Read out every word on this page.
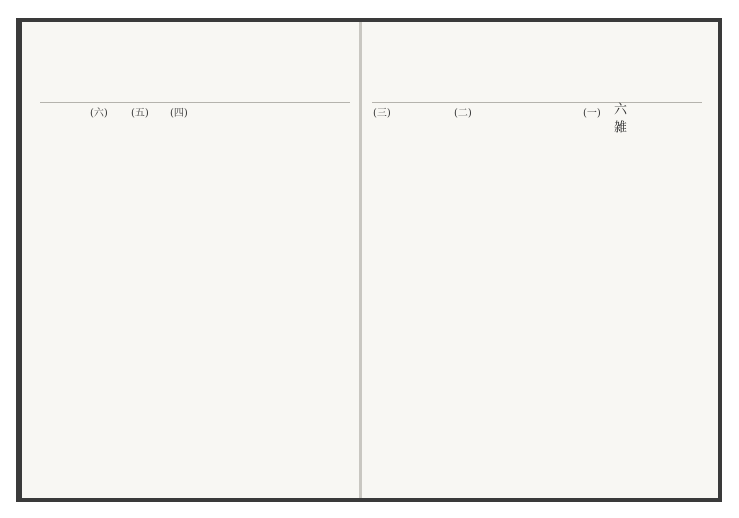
六 雑
(一)
(二)
(三)
(四)
(五)
(六)
